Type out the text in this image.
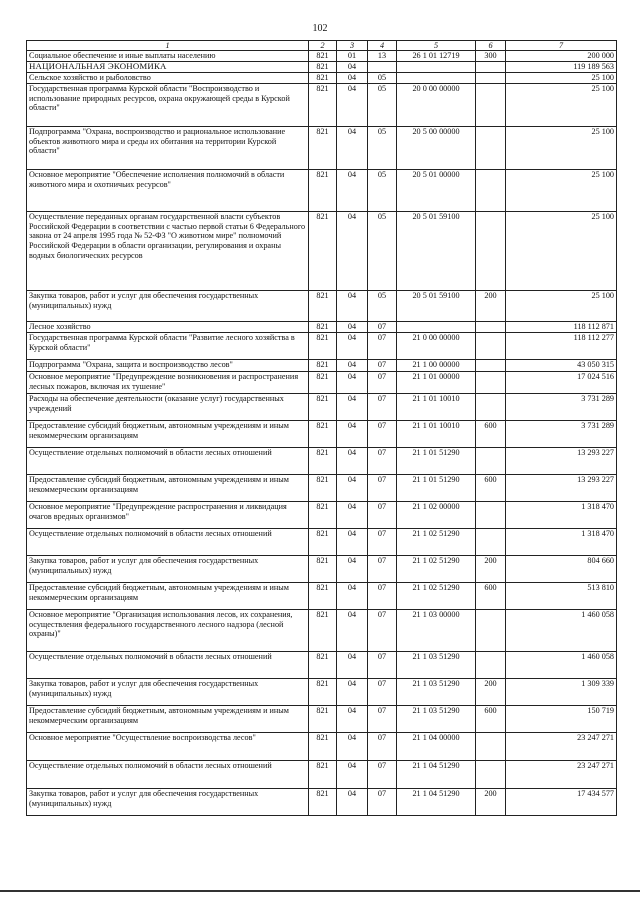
102
1	2	3	4	5	6	7
Социальное обеспечение и иные выплаты населению	821	01	13	26 1 01 12719	300	200 000
НАЦИОНАЛЬНАЯ ЭКОНОМИКА	821	04				119 189 563
Сельское хозяйство и рыболовство	821	04	05			25 100
Государственная программа Курской области "Воспроизводство и использование природных ресурсов, охрана окружающей среды в Курской области"	821	04	05	20 0 00 00000		25 100
Подпрограмма "Охрана, воспроизводство и рациональное использование объектов животного мира и среды их обитания на территории Курской области"	821	04	05	20 5 00 00000		25 100
Основное мероприятие "Обеспечение исполнения полномочий в области животного мира и охотничьих ресурсов"	821	04	05	20 5 01 00000		25 100
Осуществление переданных органам государственной власти субъектов Российской Федерации в соответствии с частью первой статьи 6 Федерального закона от 24 апреля 1995 года № 52-ФЗ "О животном мире" полномочий Российской Федерации в области организации, регулирования и охраны водных биологических ресурсов	821	04	05	20 5 01 59100		25 100
Закупка товаров, работ и услуг для обеспечения государственных (муниципальных) нужд	821	04	05	20 5 01 59100	200	25 100
Лесное хозяйство	821	04	07			118 112 871
Государственная программа Курской области "Развитие лесного хозяйства в Курской области"	821	04	07	21 0 00 00000		118 112 277
Подпрограмма "Охрана, защита и воспроизводство лесов"	821	04	07	21 1 00 00000		43 050 315
Основное мероприятие "Предупреждение возникновения и распространения лесных пожаров, включая их тушение"	821	04	07	21 1 01 00000		17 024 516
Расходы на обеспечение деятельности (оказание услуг) государственных учреждений	821	04	07	21 1 01 10010		3 731 289
Предоставление субсидий бюджетным, автономным учреждениям и иным некоммерческим организациям	821	04	07	21 1 01 10010	600	3 731 289
Осуществление отдельных полномочий в области лесных отношений	821	04	07	21 1 01 51290		13 293 227
Предоставление субсидий бюджетным, автономным учреждениям и иным некоммерческим организациям	821	04	07	21 1 01 51290	600	13 293 227
Основное мероприятие "Предупреждение распространения и ликвидация очагов вредных организмов"	821	04	07	21 1 02 00000		1 318 470
Осуществление отдельных полномочий в области лесных отношений	821	04	07	21 1 02 51290		1 318 470
Закупка товаров, работ и услуг для обеспечения государственных (муниципальных) нужд	821	04	07	21 1 02 51290	200	804 660
Предоставление субсидий бюджетным, автономным учреждениям и иным некоммерческим организациям	821	04	07	21 1 02 51290	600	513 810
Основное мероприятие "Организация использования лесов, их сохранения, осуществления федерального государственного лесного надзора (лесной охраны)"	821	04	07	21 1 03 00000		1 460 058
Осуществление отдельных полномочий в области лесных отношений	821	04	07	21 1 03 51290		1 460 058
Закупка товаров, работ и услуг для обеспечения государственных (муниципальных) нужд	821	04	07	21 1 03 51290	200	1 309 339
Предоставление субсидий бюджетным, автономным учреждениям и иным некоммерческим организациям	821	04	07	21 1 03 51290	600	150 719
Основное мероприятие "Осуществление воспроизводства лесов"	821	04	07	21 1 04 00000		23 247 271
Осуществление отдельных полномочий в области лесных отношений	821	04	07	21 1 04 51290		23 247 271
Закупка товаров, работ и услуг для обеспечения государственных (муниципальных) нужд	821	04	07	21 1 04 51290	200	17 434 577
